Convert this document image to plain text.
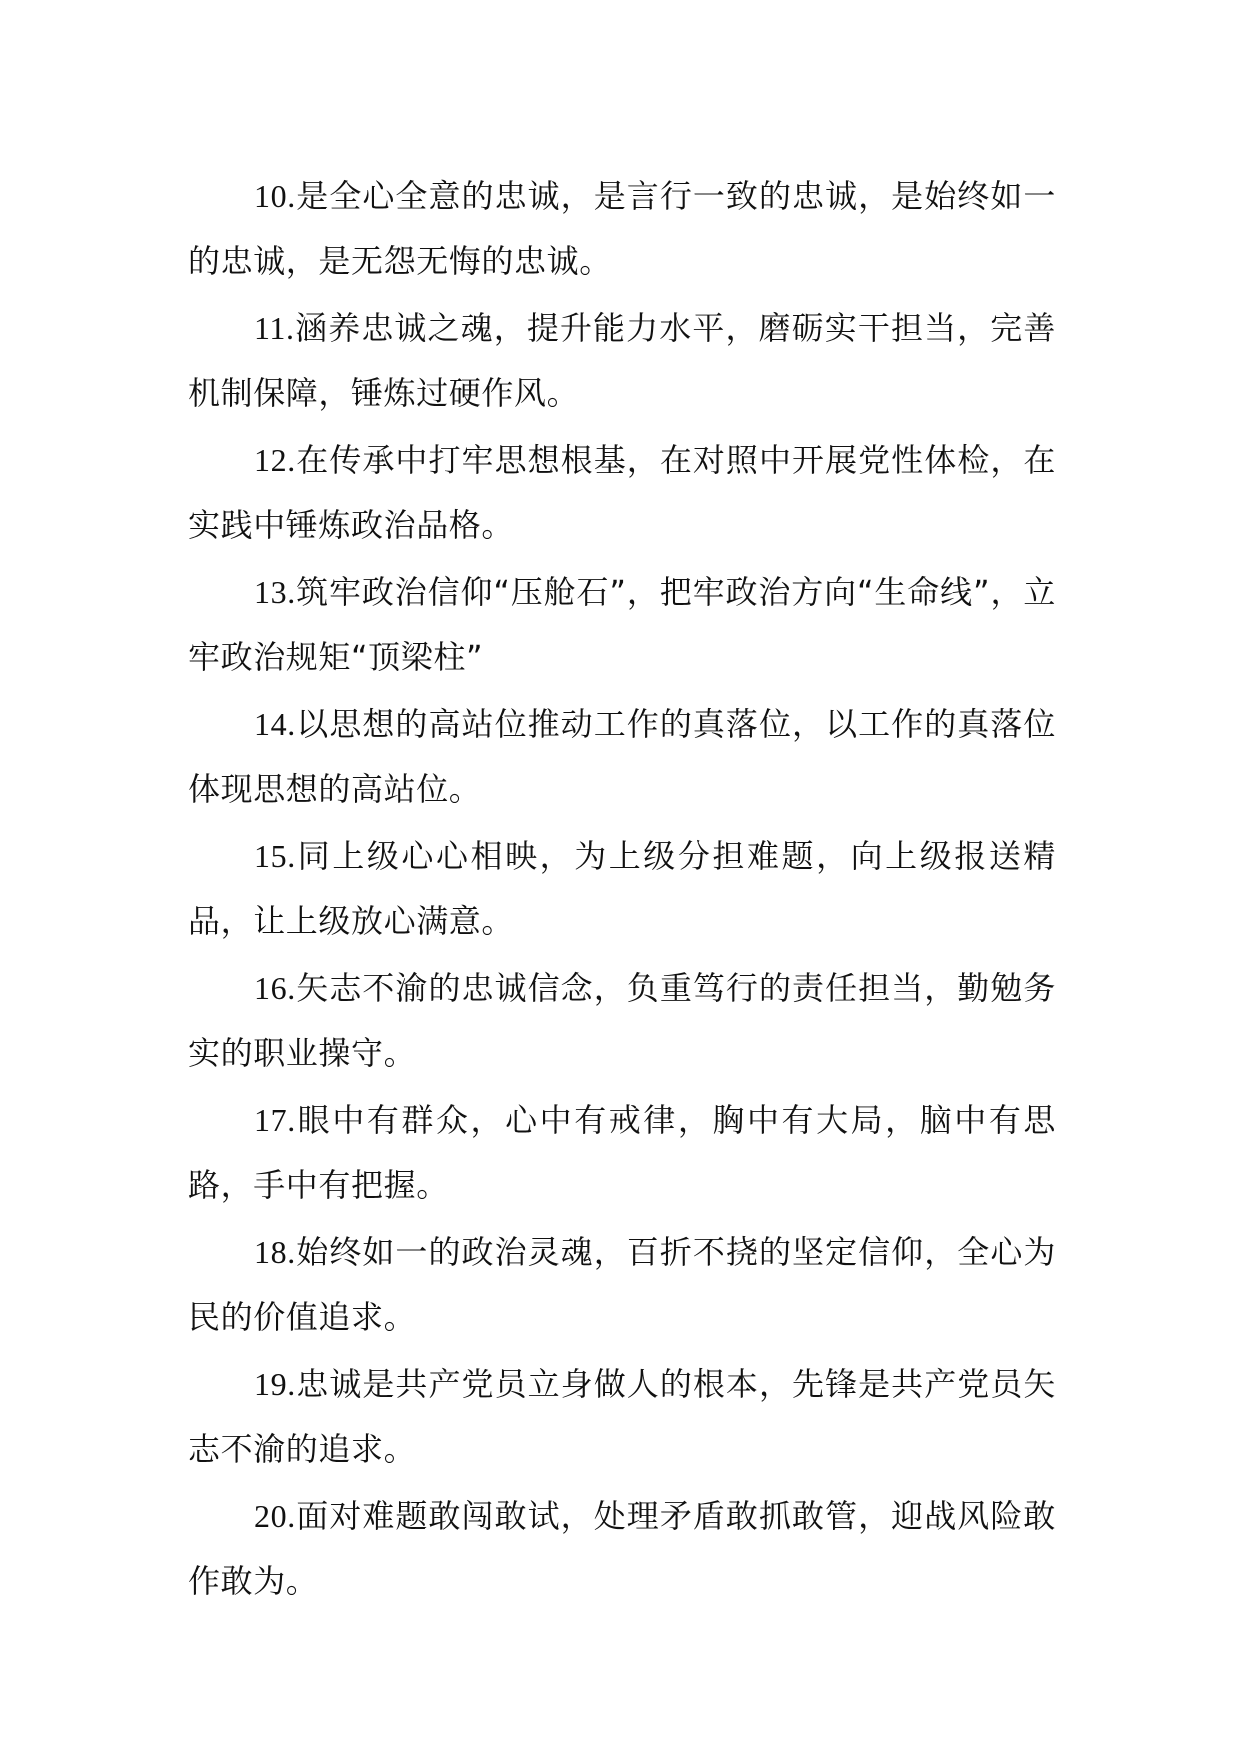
10.是全心全意的忠诚，是言行一致的忠诚，是始终如一的忠诚，是无怨无悔的忠诚。

11.涵养忠诚之魂，提升能力水平，磨砺实干担当，完善机制保障，锤炼过硬作风。

12.在传承中打牢思想根基，在对照中开展党性体检，在实践中锤炼政治品格。

13.筑牢政治信仰“压舱石”，把牢政治方向“生命线”，立牢政治规矩“顶梁柱”

14.以思想的高站位推动工作的真落位，以工作的真落位体现思想的高站位。

15.同上级心心相映，为上级分担难题，向上级报送精品，让上级放心满意。

16.矢志不渝的忠诚信念，负重笃行的责任担当，勤勉务实的职业操守。

17.眼中有群众，心中有戒律，胸中有大局，脑中有思路，手中有把握。

18.始终如一的政治灵魂，百折不挠的坚定信仰，全心为民的价值追求。

19.忠诚是共产党员立身做人的根本，先锋是共产党员矢志不渝的追求。

20.面对难题敢闯敢试，处理矛盾敢抓敢管，迎战风险敢作敢为。
